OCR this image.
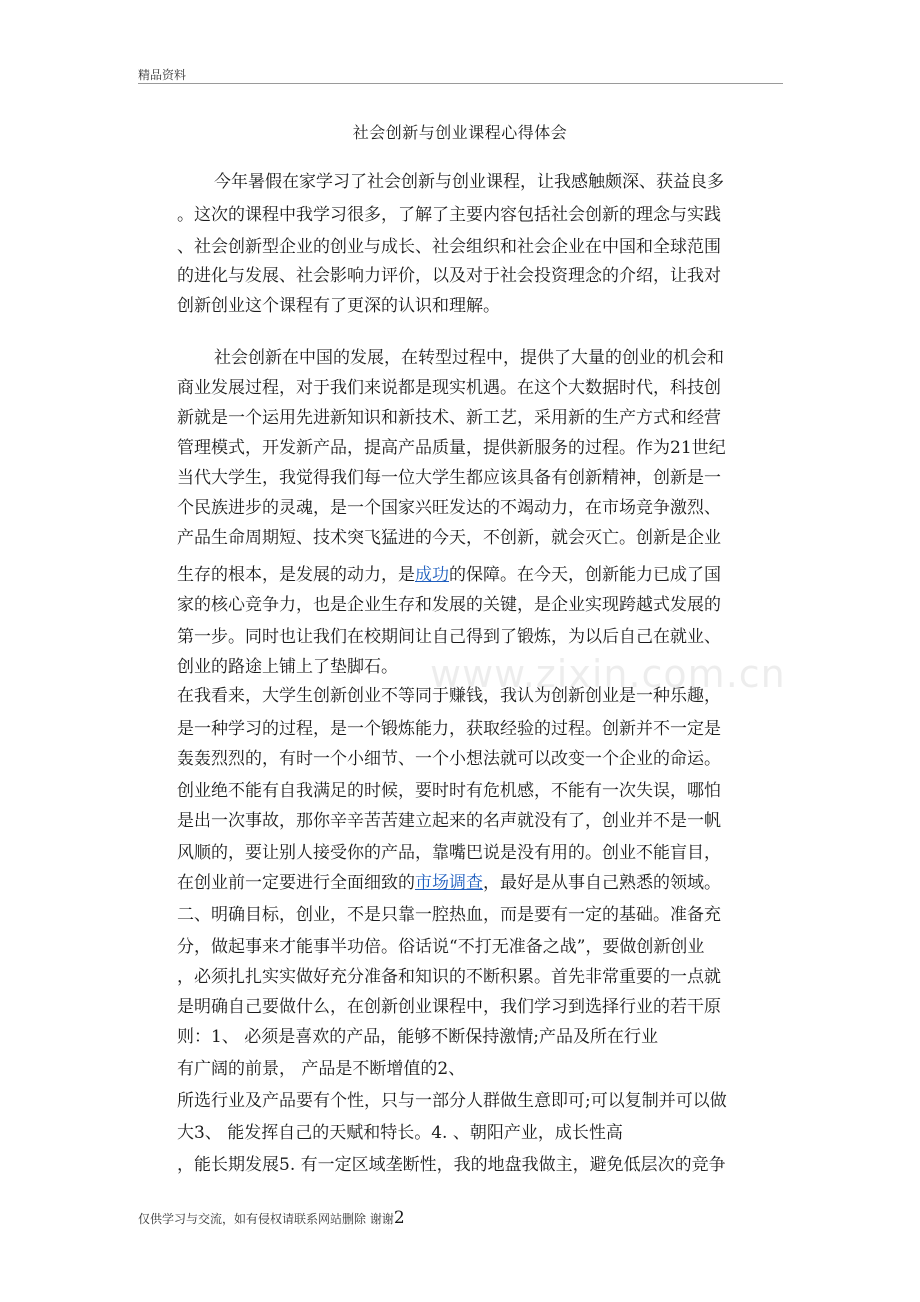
精品资料
www.zixin.com.cn
社会创新与创业课程心得体会
今年暑假在家学习了社会创新与创业课程，让我感触颇深、获益良多
。这次的课程中我学习很多，了解了主要内容包括社会创新的理念与实践
、社会创新型企业的创业与成长、社会组织和社会企业在中国和全球范围
的进化与发展、社会影响力评价，以及对于社会投资理念的介绍，让我对
创新创业这个课程有了更深的认识和理解。
社会创新在中国的发展，在转型过程中，提供了大量的创业的机会和
商业发展过程，对于我们来说都是现实机遇。在这个大数据时代，科技创
新就是一个运用先进新知识和新技术、新工艺，采用新的生产方式和经营
管理模式，开发新产品，提高产品质量，提供新服务的过程。作为21世纪
当代大学生，我觉得我们每一位大学生都应该具备有创新精神，创新是一
个民族进步的灵魂，是一个国家兴旺发达的不竭动力，在市场竞争激烈、
产品生命周期短、技术突飞猛进的今天，不创新，就会灭亡。创新是企业
生存的根本，是发展的动力，是成功的保障。在今天，创新能力已成了国
家的核心竞争力，也是企业生存和发展的关键，是企业实现跨越式发展的
第一步。同时也让我们在校期间让自己得到了锻炼，为以后自己在就业、
创业的路途上铺上了垫脚石。
在我看来，大学生创新创业不等同于赚钱，我认为创新创业是一种乐趣，
是一种学习的过程，是一个锻炼能力，获取经验的过程。创新并不一定是
轰轰烈烈的，有时一个小细节、一个小想法就可以改变一个企业的命运。
创业绝不能有自我满足的时候，要时时有危机感，不能有一次失误，哪怕
是出一次事故，那你辛辛苦苦建立起来的名声就没有了，创业并不是一帆
风顺的，要让别人接受你的产品，靠嘴巴说是没有用的。创业不能盲目，
在创业前一定要进行全面细致的市场调查，最好是从事自己熟悉的领域。
二、明确目标，创业，不是只靠一腔热血，而是要有一定的基础。准备充
分，做起事来才能事半功倍。俗话说“不打无准备之战”，要做创新创业
，必须扎扎实实做好充分准备和知识的不断积累。首先非常重要的一点就
是明确自己要做什么，在创新创业课程中，我们学习到选择行业的若干原
则：1、 必须是喜欢的产品，能够不断保持激情;产品及所在行业
有广阔的前景， 产品是不断增值的2、
所选行业及产品要有个性，只与一部分人群做生意即可;可以复制并可以做
大3、 能发挥自己的天赋和特长。4. 、朝阳产业，成长性高
，能长期发展5. 有一定区域垄断性，我的地盘我做主，避免低层次的竞争
仅供学习与交流，如有侵权请联系网站删除 谢谢2
